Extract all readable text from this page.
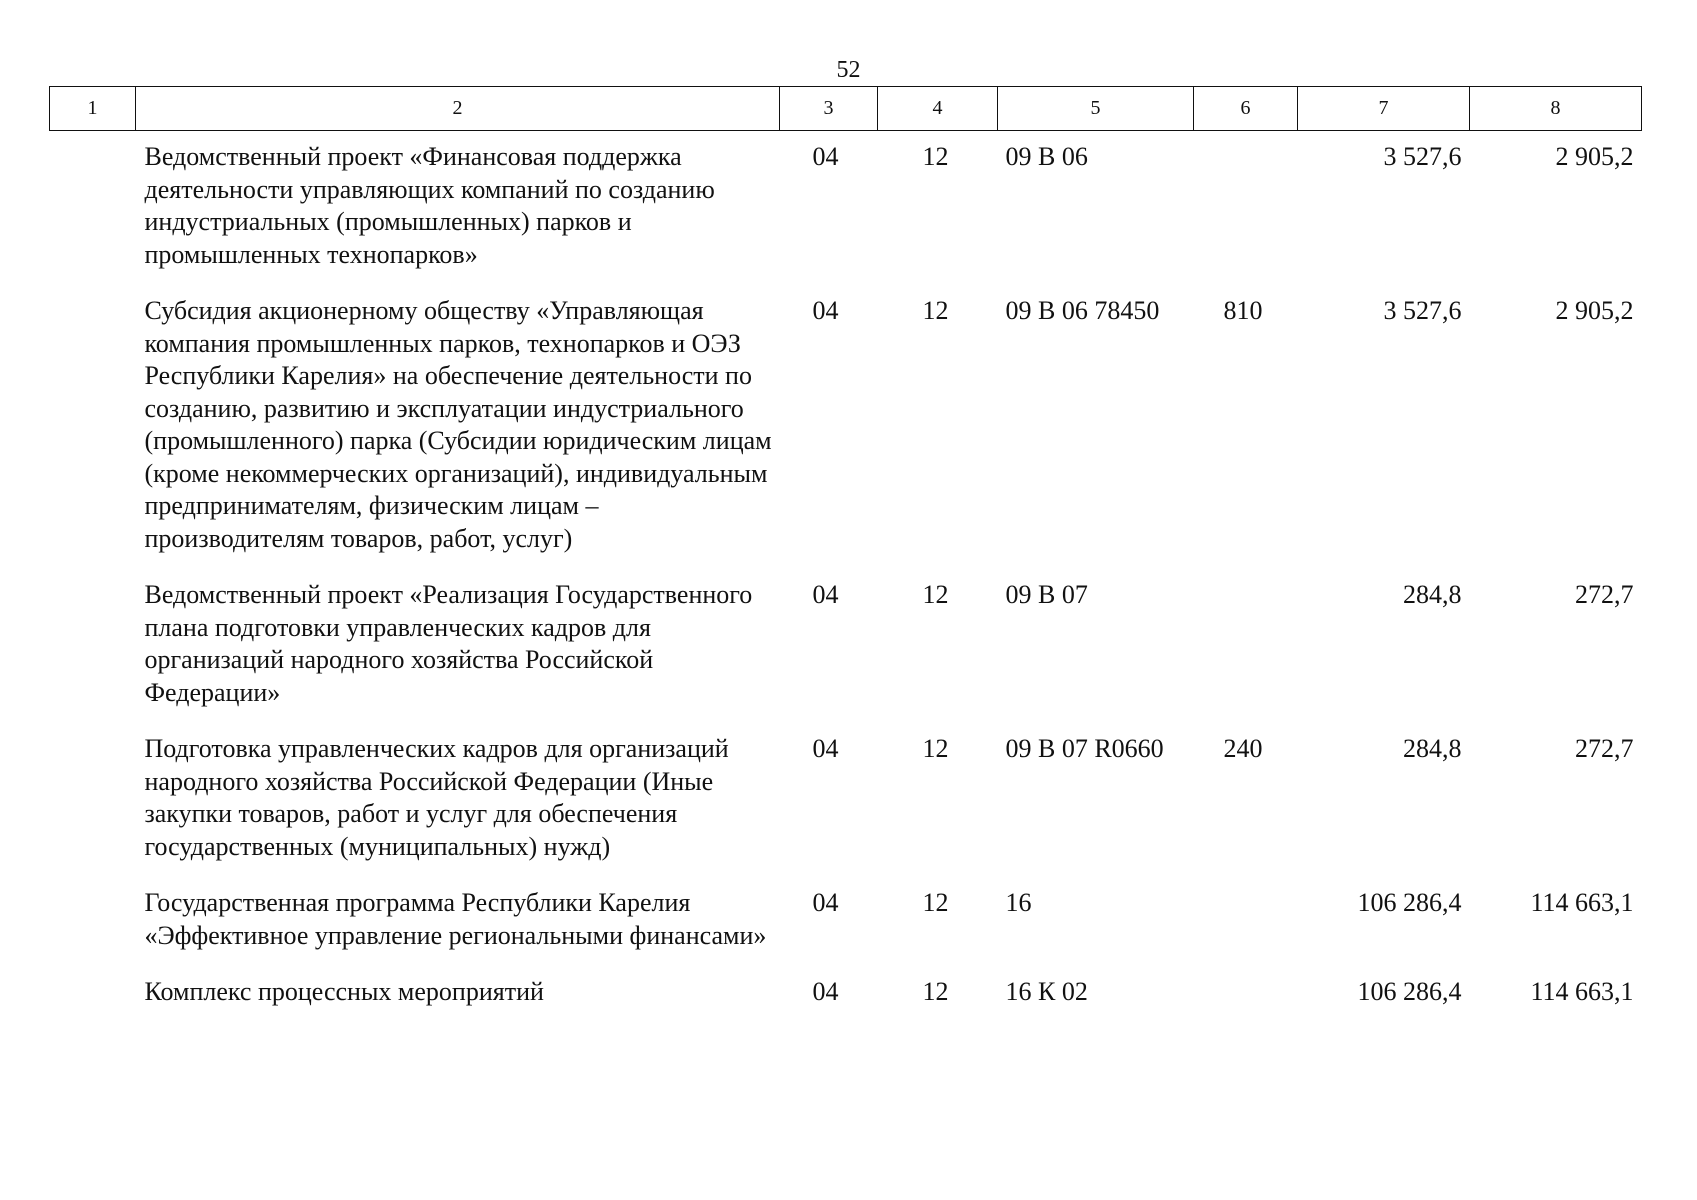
52
1	2	3	4	5	6	7	8
	Ведомственный проект «Финансовая поддержка деятельности управляющих компаний по созданию индустриальных (промышленных) парков и промышленных технопарков»	04	12	09 В 06		3 527,6	2 905,2
	Субсидия акционерному обществу «Управляющая компания промышленных парков, технопарков и ОЭЗ Республики Карелия» на обеспечение деятельности по созданию, развитию и эксплуатации индустриального (промышленного) парка (Субсидии юридическим лицам (кроме некоммерческих организаций), индивидуальным предпринимателям, физическим лицам – производителям товаров, работ, услуг)	04	12	09 В 06 78450	810	3 527,6	2 905,2
	Ведомственный проект «Реализация Государственного плана подготовки управленческих кадров для организаций народного хозяйства Российской Федерации»	04	12	09 В 07		284,8	272,7
	Подготовка управленческих кадров для организаций народного хозяйства Российской Федерации (Иные закупки товаров, работ и услуг для обеспечения государственных (муниципальных) нужд)	04	12	09 В 07 R0660	240	284,8	272,7
	Государственная программа Республики Карелия «Эффективное управление региональными финансами»	04	12	16		106 286,4	114 663,1
	Комплекс процессных мероприятий	04	12	16 К 02		106 286,4	114 663,1
